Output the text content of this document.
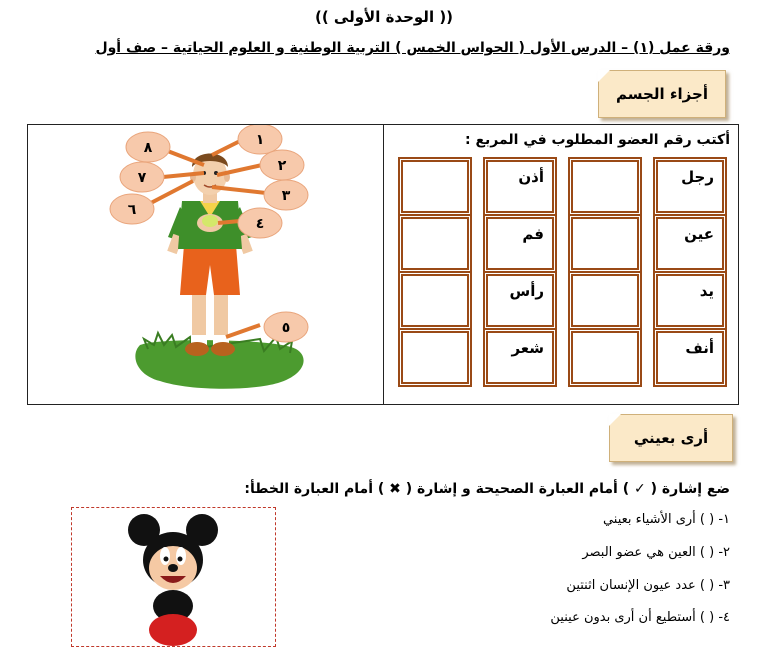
(( الوحدة الأولى ))
ورقة عمل (١) – الدرس الأول ( الحواس الخمس ) التربية الوطنية و العلوم الحياتية – صف أول
أجزاء الجسم
أكتب رقم العضو المطلوب في المربع :
رجل
أذن
عين
فم
يد
رأس
أنف
شعر
٨
٧
٦
١
٢
٣
٤
٥
أرى بعيني
ضع إشارة ( ✓ ) أمام العبارة الصحيحة و إشارة ( ✖ ) أمام العبارة الخطأ:
١- ( ) أرى الأشياء بعيني
٢- ( ) العين هي عضو البصر
٣- ( ) عدد عيون الإنسان اثنتين
٤- ( ) أستطيع أن أرى بدون عينين
